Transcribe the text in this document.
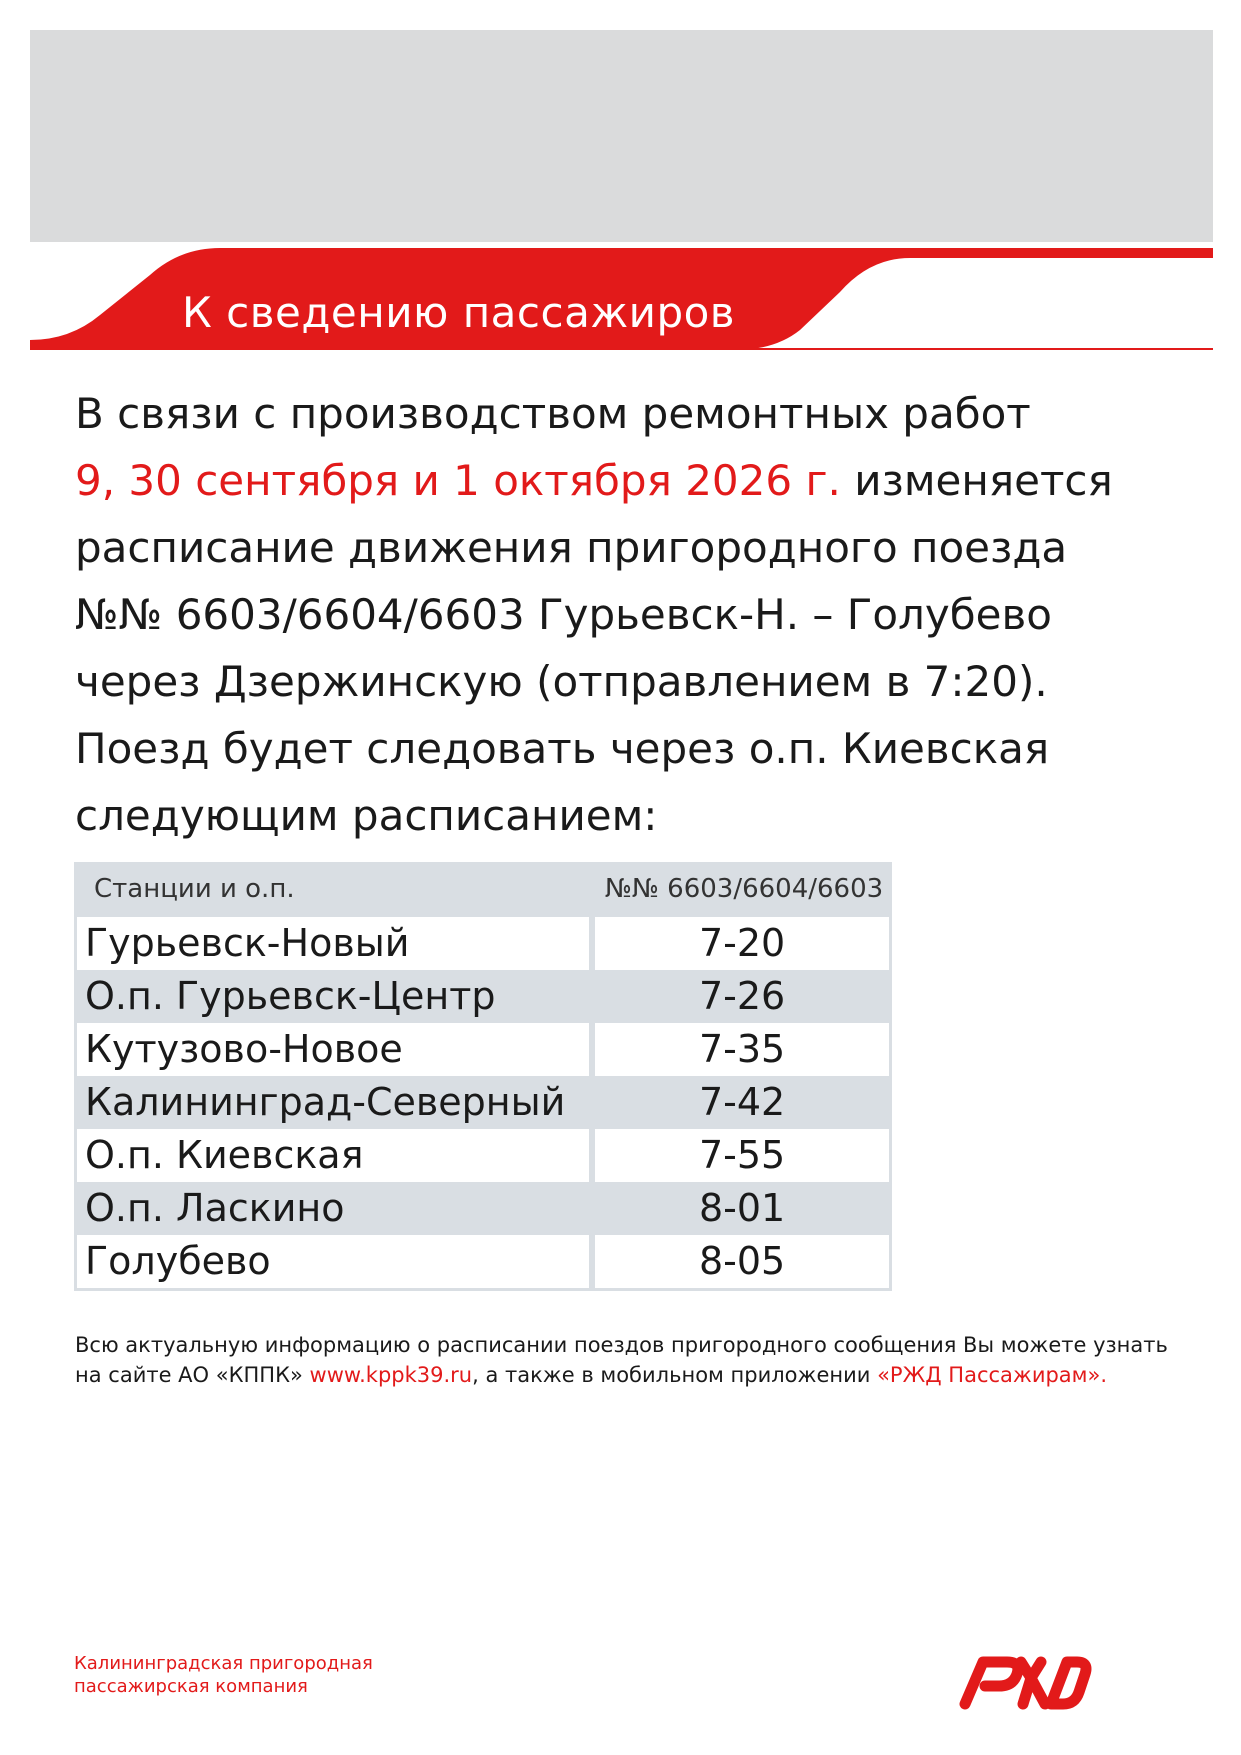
К сведению пассажиров

В связи с производством ремонтных работ

9, 30 сентября и 1 октября 2026 г. изменяется

расписание движения пригородного поезда

№№ 6603/6604/6603 Гурьевск-Н. – Голубево

через Дзержинскую (отправлением в 7:20).

Поезд будет следовать через о.п. Киевская

следующим расписанием:

Станции и о.п.	№№ 6603/6604/6603
Гурьевск-Новый	7-20
О.п. Гурьевск-Центр	7-26
Кутузово-Новое	7-35
Калининград-Северный	7-42
О.п. Киевская	7-55
О.п. Ласкино	8-01
Голубево	8-05

Всю актуальную информацию о расписании поездов пригородного сообщения Вы можете узнать

на сайте АО «КППК» www.kppk39.ru, а также в мобильном приложении «РЖД Пассажирам».

Калининградская пригородная
пассажирская компания
